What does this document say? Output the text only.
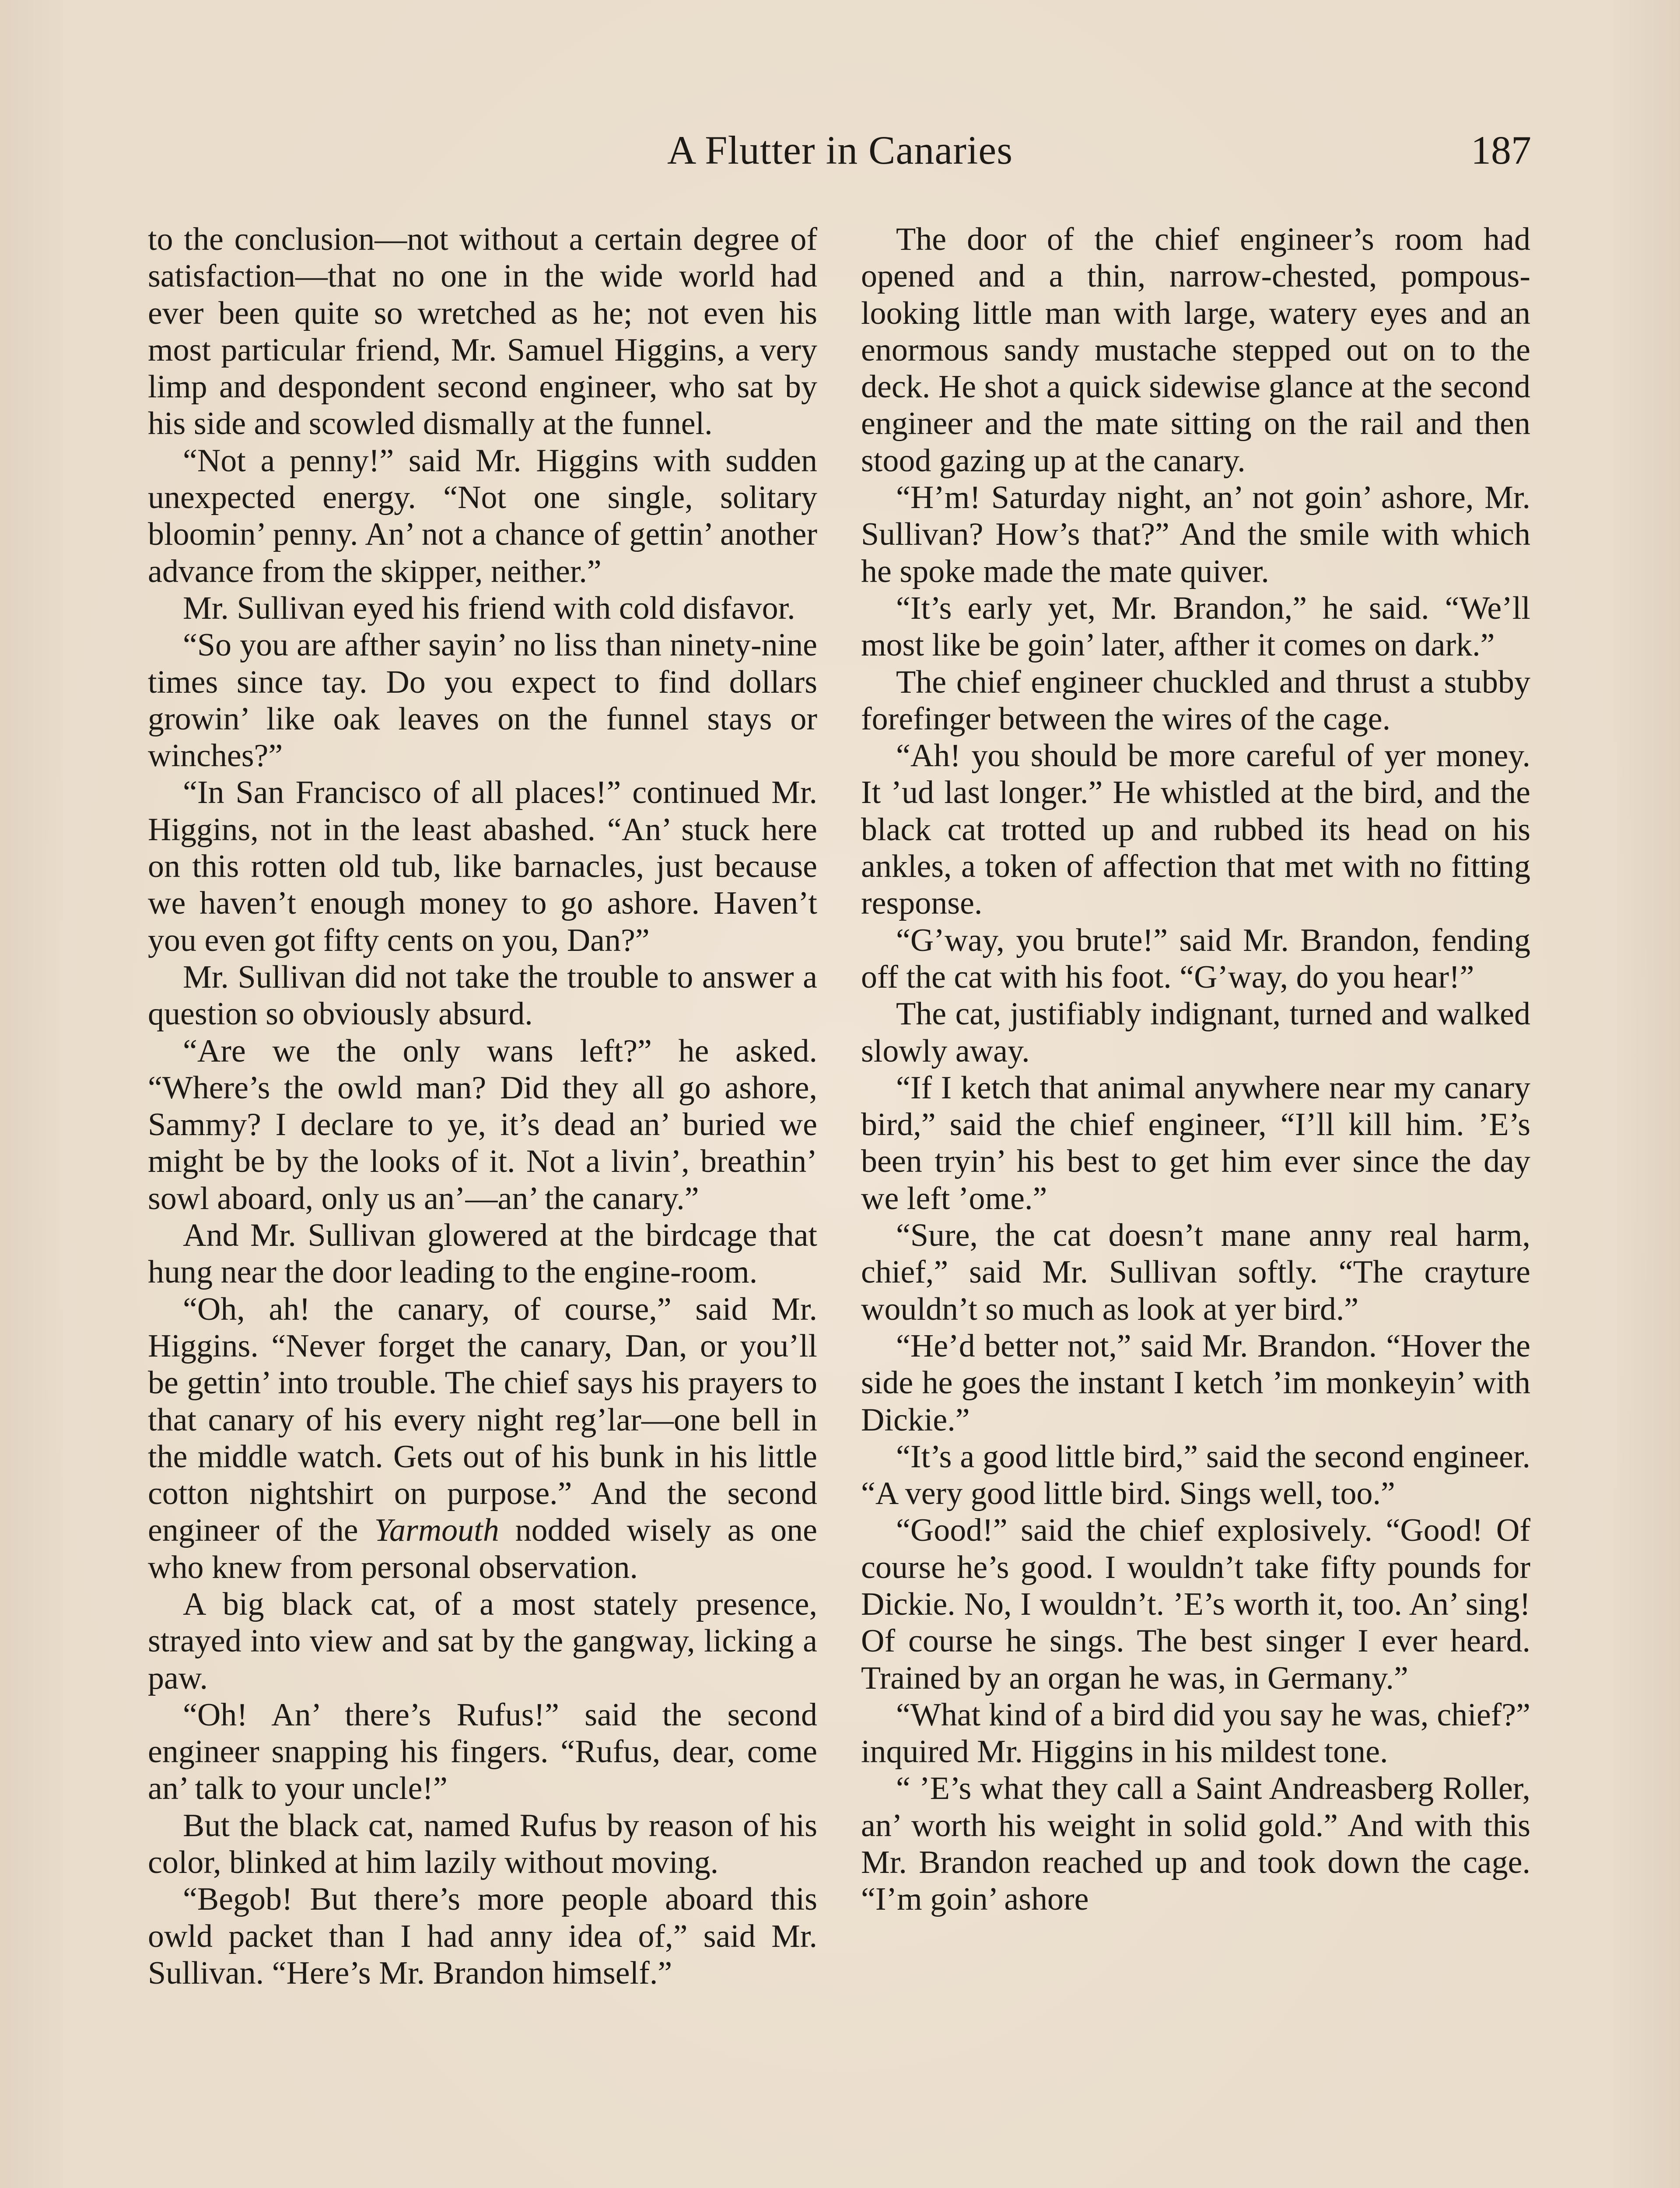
A Flutter in Canaries	187

to the conclusion—not without a certain degree of satisfaction—that no one in the wide world had ever been quite so wretched as he; not even his most particular friend, Mr. Samuel Higgins, a very limp and despondent second engineer, who sat by his side and scowled dismally at the funnel.

“Not a penny!” said Mr. Higgins with sudden unexpected energy. “Not one single, solitary bloomin’ penny. An’ not a chance of gettin’ another advance from the skipper, neither.”

Mr. Sullivan eyed his friend with cold disfavor.

“So you are afther sayin’ no liss than ninety-nine times since tay. Do you expect to find dollars growin’ like oak leaves on the funnel stays or winches?”

“In San Francisco of all places!” continued Mr. Higgins, not in the least abashed. “An’ stuck here on this rotten old tub, like barnacles, just because we haven’t enough money to go ashore. Haven’t you even got fifty cents on you, Dan?”

Mr. Sullivan did not take the trouble to answer a question so obviously absurd.

“Are we the only wans left?” he asked. “Where’s the owld man? Did they all go ashore, Sammy? I declare to ye, it’s dead an’ buried we might be by the looks of it. Not a livin’, breathin’ sowl aboard, only us an’—an’ the canary.”

And Mr. Sullivan glowered at the birdcage that hung near the door leading to the engine-room.

“Oh, ah! the canary, of course,” said Mr. Higgins. “Never forget the canary, Dan, or you’ll be gettin’ into trouble. The chief says his prayers to that canary of his every night reg’lar—one bell in the middle watch. Gets out of his bunk in his little cotton nightshirt on purpose.” And the second engineer of the Yarmouth nodded wisely as one who knew from personal observation.

A big black cat, of a most stately presence, strayed into view and sat by the gangway, licking a paw.

“Oh! An’ there’s Rufus!” said the second engineer snapping his fingers. “Rufus, dear, come an’ talk to your uncle!”

But the black cat, named Rufus by reason of his color, blinked at him lazily without moving.

“Begob! But there’s more people aboard this owld packet than I had anny idea of,” said Mr. Sullivan. “Here’s Mr. Brandon himself.”

The door of the chief engineer’s room had opened and a thin, narrow-chested, pompous-looking little man with large, watery eyes and an enormous sandy mustache stepped out on to the deck. He shot a quick sidewise glance at the second engineer and the mate sitting on the rail and then stood gazing up at the canary.

“H’m! Saturday night, an’ not goin’ ashore, Mr. Sullivan? How’s that?” And the smile with which he spoke made the mate quiver.

“It’s early yet, Mr. Brandon,” he said. “We’ll most like be goin’ later, afther it comes on dark.”

The chief engineer chuckled and thrust a stubby forefinger between the wires of the cage.

“Ah! you should be more careful of yer money. It ’ud last longer.” He whistled at the bird, and the black cat trotted up and rubbed its head on his ankles, a token of affection that met with no fitting response.

“G’way, you brute!” said Mr. Brandon, fending off the cat with his foot. “G’way, do you hear!”

The cat, justifiably indignant, turned and walked slowly away.

“If I ketch that animal anywhere near my canary bird,” said the chief engineer, “I’ll kill him. ’E’s been tryin’ his best to get him ever since the day we left ’ome.”

“Sure, the cat doesn’t mane anny real harm, chief,” said Mr. Sullivan softly. “The crayture wouldn’t so much as look at yer bird.”

“He’d better not,” said Mr. Brandon. “Hover the side he goes the instant I ketch ’im monkeyin’ with Dickie.”

“It’s a good little bird,” said the second engineer. “A very good little bird. Sings well, too.”

“Good!” said the chief explosively. “Good! Of course he’s good. I wouldn’t take fifty pounds for Dickie. No, I wouldn’t. ’E’s worth it, too. An’ sing! Of course he sings. The best singer I ever heard. Trained by an organ he was, in Germany.”

“What kind of a bird did you say he was, chief?” inquired Mr. Higgins in his mildest tone.

“ ’E’s what they call a Saint Andreasberg Roller, an’ worth his weight in solid gold.” And with this Mr. Brandon reached up and took down the cage. “I’m goin’ ashore
